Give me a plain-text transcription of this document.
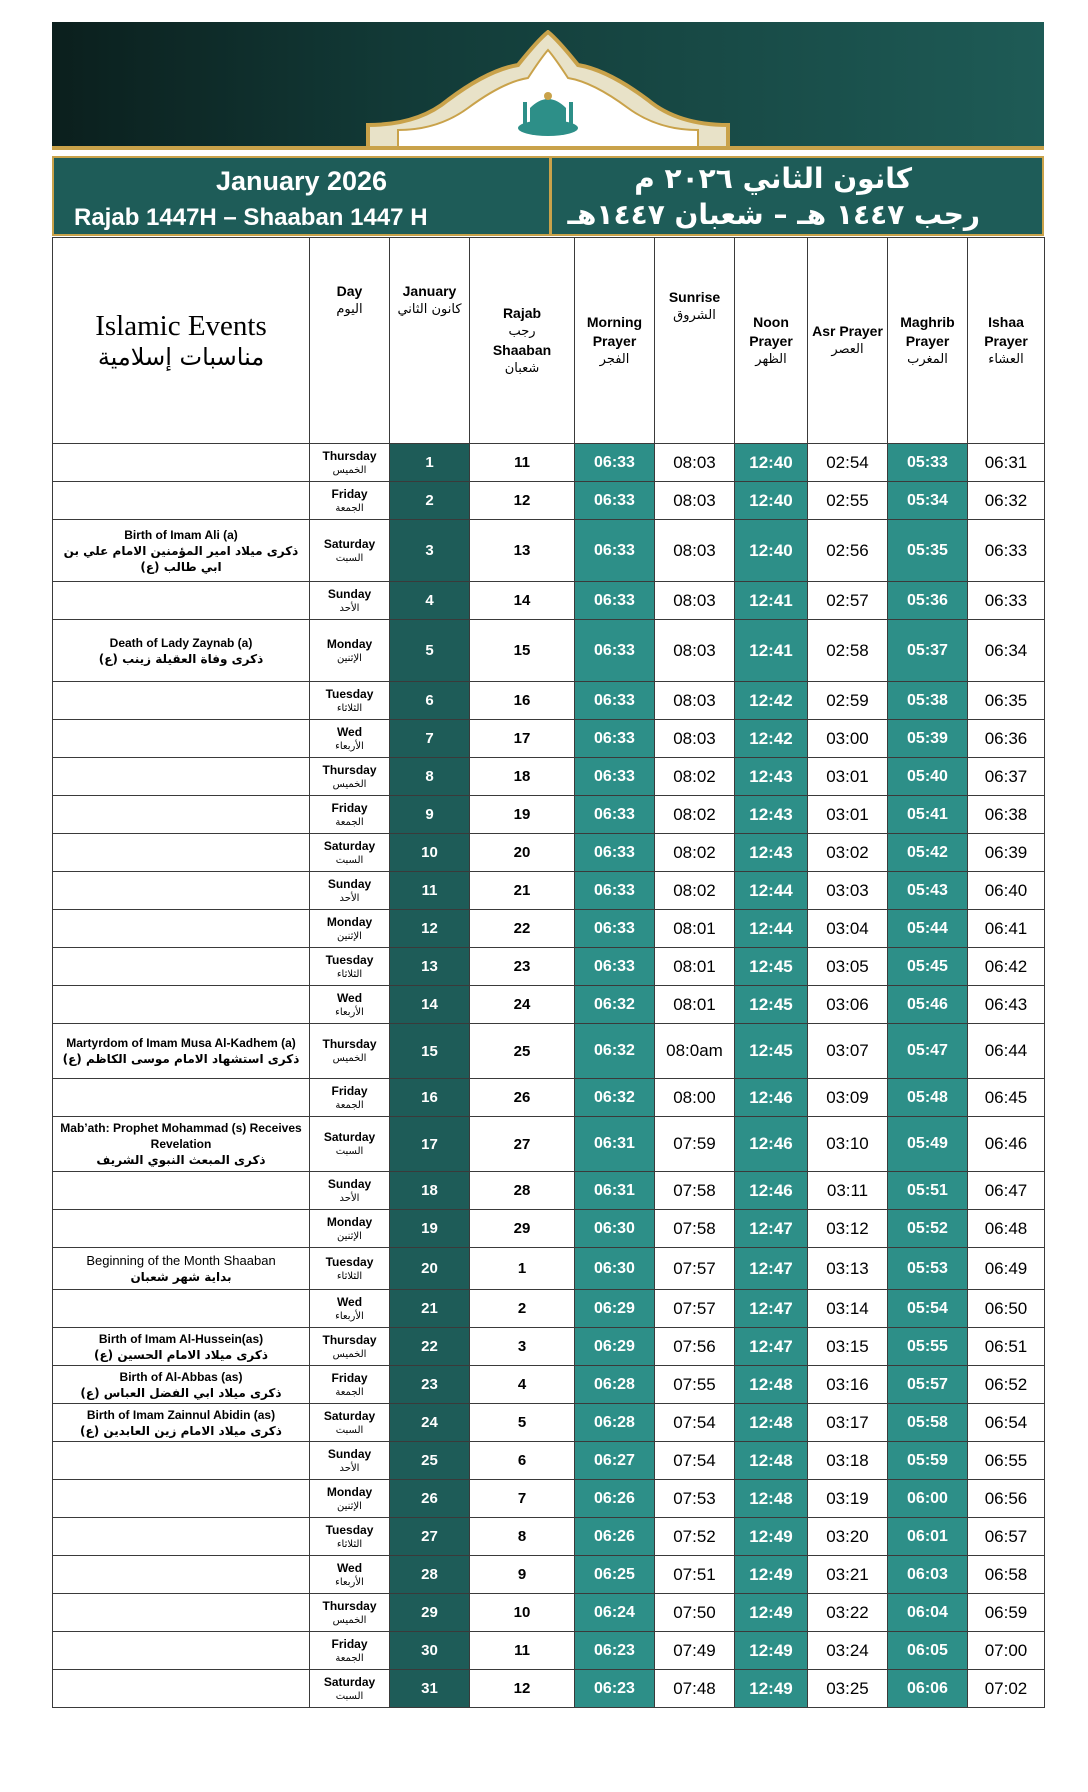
January 2026
Rajab 1447H – Shaaban 1447 H
كانون الثاني ٢٠٢٦ م
رجب ١٤٤٧ هـ – شعبان ١٤٤٧هـ
Islamic Events
مناسبات إسلامية	Day
اليوم	January
كانون الثاني	Rajab
رجب
Shaaban
شعبان	Morning Prayer
الفجر	Sunrise
الشروق	Noon Prayer
الظهر	Asr Prayer
العصر	Maghrib Prayer
المغرب	Ishaa Prayer
العشاء

	Thursday
الخميس	1	11	06:33	08:03	12:40	02:54	05:33	06:31

	Friday
الجمعة	2	12	06:33	08:03	12:40	02:55	05:34	06:32

Birth of Imam Ali (a)
ذكرى ميلاد امير المؤمنين الامام علي بن ابي طالب (ع)	Saturday
السبت	3	13	06:33	08:03	12:40	02:56	05:35	06:33

	Sunday
الأحد	4	14	06:33	08:03	12:41	02:57	05:36	06:33

Death of Lady Zaynab (a)
ذكرى وفاة العقيلة زينب (ع)	Monday
الإثنين	5	15	06:33	08:03	12:41	02:58	05:37	06:34

	Tuesday
الثلاثاء	6	16	06:33	08:03	12:42	02:59	05:38	06:35

	Wed
الأربعاء	7	17	06:33	08:03	12:42	03:00	05:39	06:36

	Thursday
الخميس	8	18	06:33	08:02	12:43	03:01	05:40	06:37

	Friday
الجمعة	9	19	06:33	08:02	12:43	03:01	05:41	06:38

	Saturday
السبت	10	20	06:33	08:02	12:43	03:02	05:42	06:39

	Sunday
الأحد	11	21	06:33	08:02	12:44	03:03	05:43	06:40

	Monday
الإثنين	12	22	06:33	08:01	12:44	03:04	05:44	06:41

	Tuesday
الثلاثاء	13	23	06:33	08:01	12:45	03:05	05:45	06:42

	Wed
الأربعاء	14	24	06:32	08:01	12:45	03:06	05:46	06:43

Martyrdom of Imam Musa Al-Kadhem (a)
ذكرى استشهاد الامام موسى الكاظم (ع)	Thursday
الخميس	15	25	06:32	08:0am	12:45	03:07	05:47	06:44

	Friday
الجمعة	16	26	06:32	08:00	12:46	03:09	05:48	06:45

Mab’ath: Prophet Mohammad (s) Receives Revelation
ذكرى المبعث النبوي الشريف	Saturday
السبت	17	27	06:31	07:59	12:46	03:10	05:49	06:46

	Sunday
الأحد	18	28	06:31	07:58	12:46	03:11	05:51	06:47

	Monday
الإثنين	19	29	06:30	07:58	12:47	03:12	05:52	06:48

Beginning of the Month Shaaban
بداية شهر شعبان	Tuesday
الثلاثاء	20	1	06:30	07:57	12:47	03:13	05:53	06:49

	Wed
الأربعاء	21	2	06:29	07:57	12:47	03:14	05:54	06:50

Birth of Imam Al-Hussein(as)
ذكرى ميلاد الامام الحسين (ع)	Thursday
الخميس	22	3	06:29	07:56	12:47	03:15	05:55	06:51

Birth of Al-Abbas (as)
ذكرى ميلاد ابي الفضل العباس (ع)	Friday
الجمعة	23	4	06:28	07:55	12:48	03:16	05:57	06:52

Birth of Imam Zainnul Abidin (as)
ذكرى ميلاد الامام زين العابدين (ع)	Saturday
السبت	24	5	06:28	07:54	12:48	03:17	05:58	06:54

	Sunday
الأحد	25	6	06:27	07:54	12:48	03:18	05:59	06:55

	Monday
الإثنين	26	7	06:26	07:53	12:48	03:19	06:00	06:56

	Tuesday
الثلاثاء	27	8	06:26	07:52	12:49	03:20	06:01	06:57

	Wed
الأربعاء	28	9	06:25	07:51	12:49	03:21	06:03	06:58

	Thursday
الخميس	29	10	06:24	07:50	12:49	03:22	06:04	06:59

	Friday
الجمعة	30	11	06:23	07:49	12:49	03:24	06:05	07:00

	Saturday
السبت	31	12	06:23	07:48	12:49	03:25	06:06	07:02
